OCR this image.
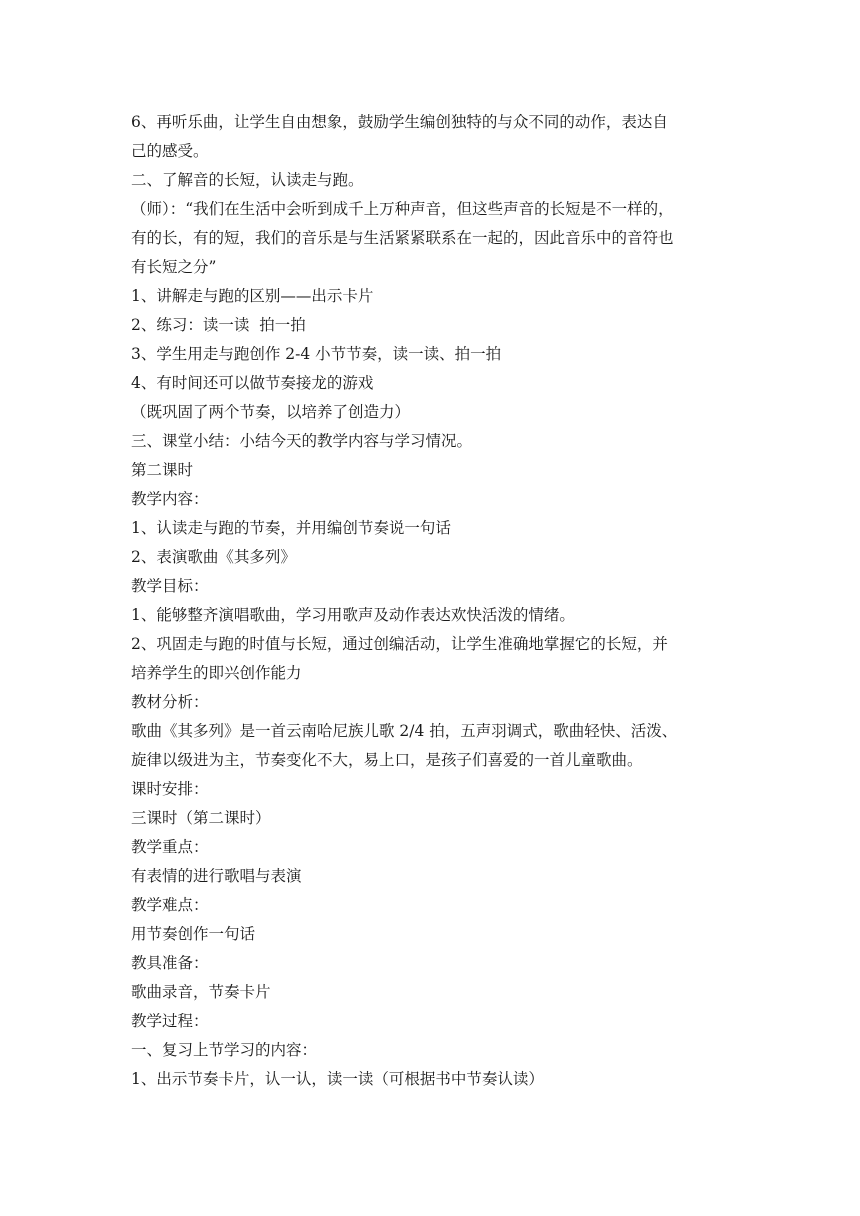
6、再听乐曲，让学生自由想象，鼓励学生编创独特的与众不同的动作，表达自
己的感受。
二、了解音的长短，认读走与跑。
（师）：“我们在生活中会听到成千上万种声音，但这些声音的长短是不一样的，
有的长，有的短，我们的音乐是与生活紧紧联系在一起的，因此音乐中的音符也
有长短之分”
1、讲解走与跑的区别——出示卡片
2、练习：读一读  拍一拍
3、学生用走与跑创作 2-4 小节节奏，读一读、拍一拍
4、有时间还可以做节奏接龙的游戏
（既巩固了两个节奏，以培养了创造力）
三、课堂小结：小结今天的教学内容与学习情况。
第二课时
教学内容：
1、认读走与跑的节奏，并用编创节奏说一句话
2、表演歌曲《其多列》
教学目标：
1、能够整齐演唱歌曲，学习用歌声及动作表达欢快活泼的情绪。
2、巩固走与跑的时值与长短，通过创编活动，让学生准确地掌握它的长短，并
培养学生的即兴创作能力
教材分析：
歌曲《其多列》是一首云南哈尼族儿歌 2/4 拍，五声羽调式，歌曲轻快、活泼、
旋律以级进为主，节奏变化不大，易上口，是孩子们喜爱的一首儿童歌曲。
课时安排：
三课时（第二课时）
教学重点：
有表情的进行歌唱与表演
教学难点：
用节奏创作一句话
教具准备：
歌曲录音，节奏卡片
教学过程：
一、复习上节学习的内容：
1、出示节奏卡片，认一认，读一读（可根据书中节奏认读）
